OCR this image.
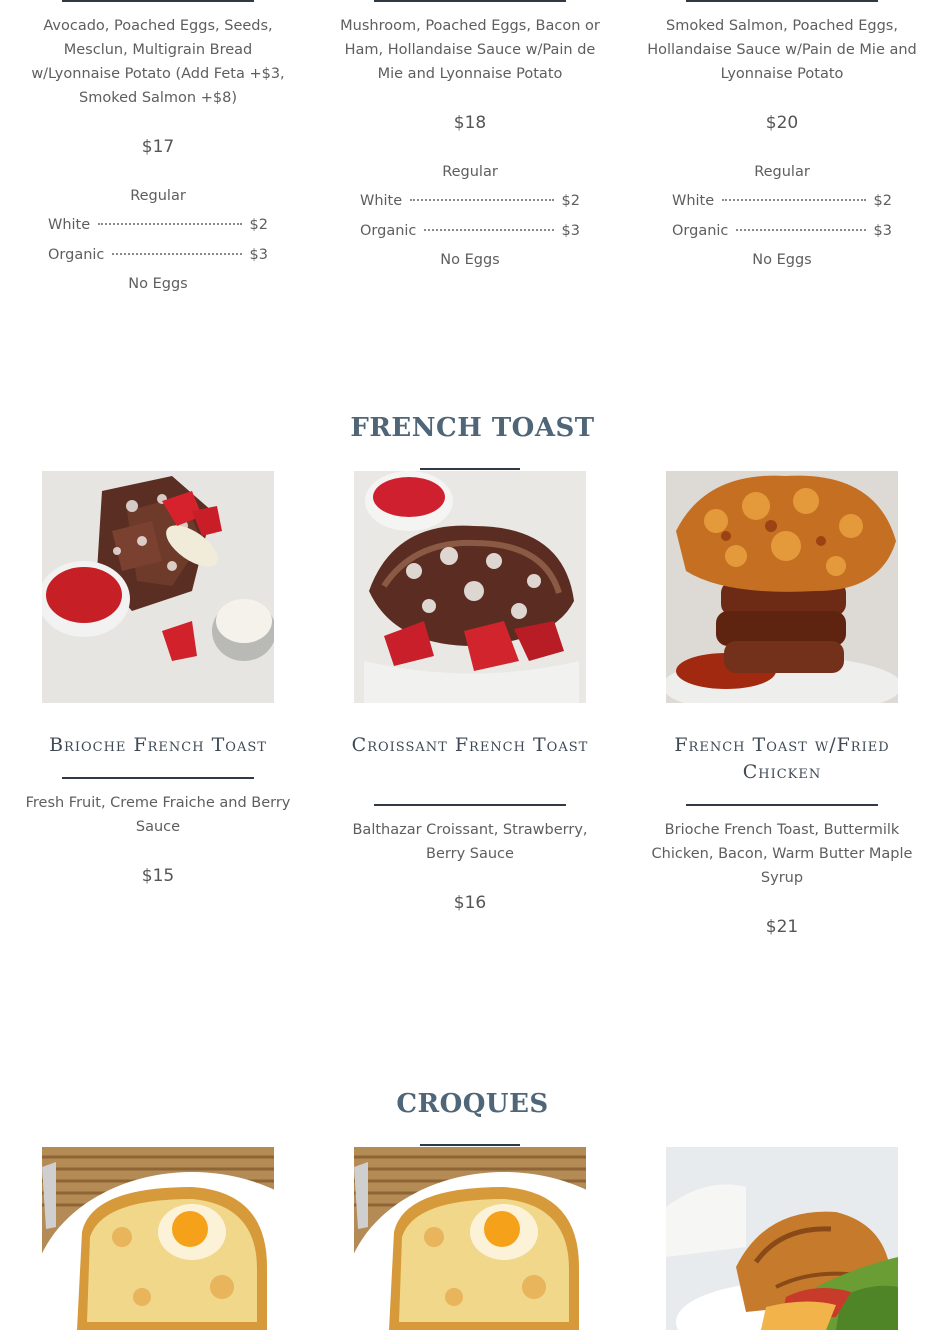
Avocado, Poached Eggs, Seeds, Mesclun, Multigrain Bread w/Lyonnaise Potato (Add Feta +$3, Smoked Salmon +$8)
$17
Regular
White	$2
Organic	$3
No Eggs
Mushroom, Poached Eggs, Bacon or Ham, Hollandaise Sauce w/Pain de Mie and Lyonnaise Potato
$18
Regular
White	$2
Organic	$3
No Eggs
Smoked Salmon, Poached Eggs, Hollandaise Sauce w/Pain de Mie and Lyonnaise Potato
$20
Regular
White	$2
Organic	$3
No Eggs
FRENCH TOAST
Brioche French Toast
Fresh Fruit, Creme Fraiche and Berry Sauce
$15
Croissant French Toast
Balthazar Croissant, Strawberry, Berry Sauce
$16
French Toast w/Fried Chicken
Brioche French Toast, Buttermilk Chicken, Bacon, Warm Butter Maple Syrup
$21
CROQUES
